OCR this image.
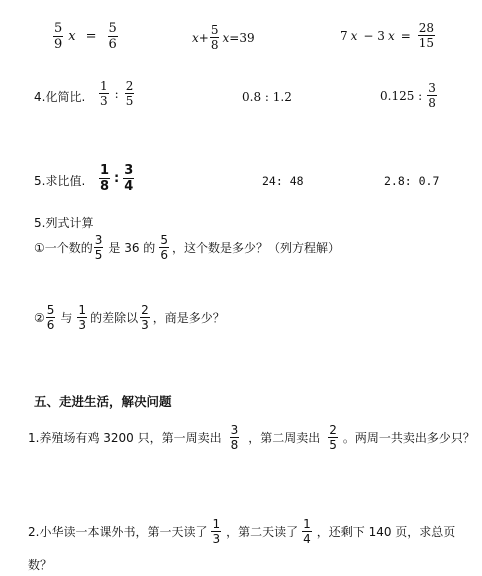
$\frac{5}{9}$ $x = \frac{5}{6}$	$x + \frac{5}{8}$ x =39	7 x − 3 $x = \frac{28}{15}$
4.化简比. $\frac{1}{3}$ : $\frac{2}{5}$	0.8 : 1.2	0.125 : $\frac{3}{8}$
5.求比值. $\frac{1}{8}$ : $\frac{3}{4}$	24: 48	2.8: 0.7
5.列式计算
①一个数的 $\frac{3}{5}$ 是 36 的 $\frac{5}{6}$ ，这个数是多少？（列方程解）
② $\frac{5}{6}$ 与 $\frac{1}{3}$ 的差除以 $\frac{2}{3}$ ，商是多少？
五、走进生活，解决问题
1.养殖场有鸡 3200 只，第一周卖出 $\frac{3}{8}$ ，第二周卖出 $\frac{2}{5}$ 。两周一共卖出多少只？
2.小华读一本课外书，第一天读了 $\frac{1}{3}$ ，第二天读了 $\frac{1}{4}$ ，还剩下 140 页，求总页
数？
